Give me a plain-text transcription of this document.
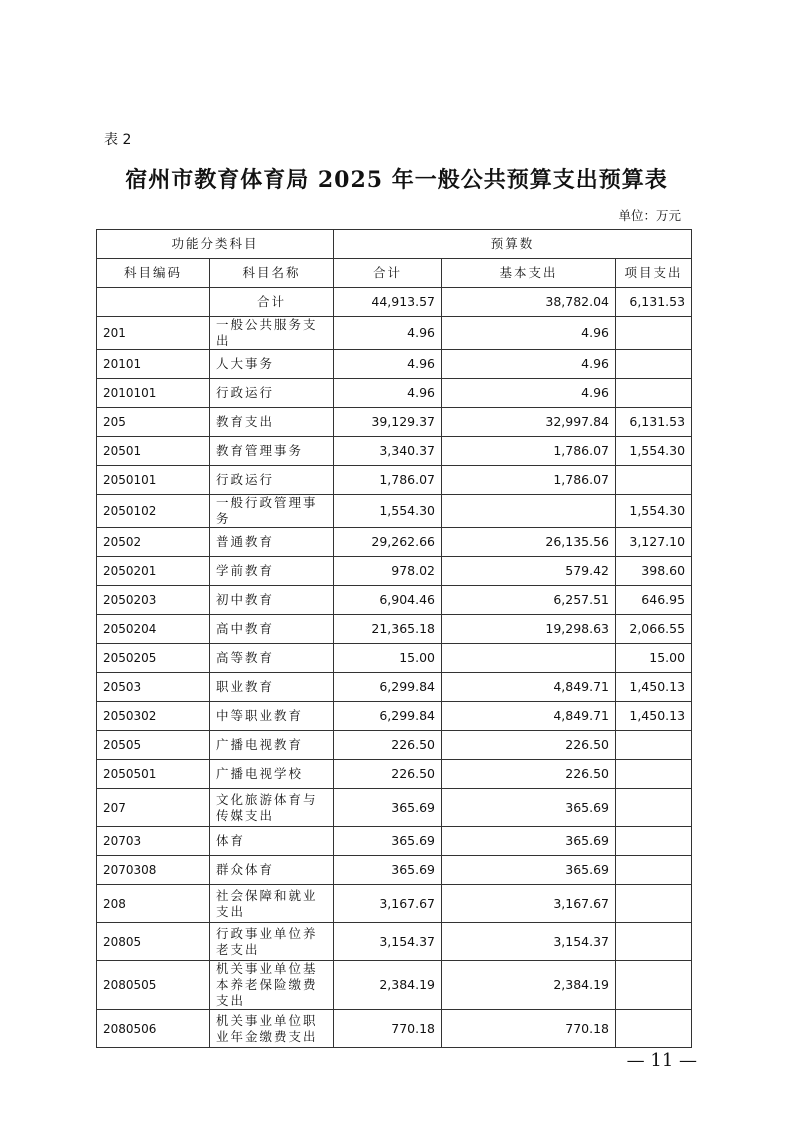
表 2
宿州市教育体育局 2025 年一般公共预算支出预算表
单位：万元
功能分类科目		预算数		
科目编码	科目名称	合计	基本支出	项目支出
	合计	44,913.57	38,782.04	6,131.53
201	一般公共服务支出	4.96	4.96	
20101	人大事务	4.96	4.96	
2010101	行政运行	4.96	4.96	
205	教育支出	39,129.37	32,997.84	6,131.53
20501	教育管理事务	3,340.37	1,786.07	1,554.30
2050101	行政运行	1,786.07	1,786.07	
2050102	一般行政管理事务	1,554.30		1,554.30
20502	普通教育	29,262.66	26,135.56	3,127.10
2050201	学前教育	978.02	579.42	398.60
2050203	初中教育	6,904.46	6,257.51	646.95
2050204	高中教育	21,365.18	19,298.63	2,066.55
2050205	高等教育	15.00		15.00
20503	职业教育	6,299.84	4,849.71	1,450.13
2050302	中等职业教育	6,299.84	4,849.71	1,450.13
20505	广播电视教育	226.50	226.50	
2050501	广播电视学校	226.50	226.50	
207	文化旅游体育与传媒支出	365.69	365.69	
20703	体育	365.69	365.69	
2070308	群众体育	365.69	365.69	
208	社会保障和就业支出	3,167.67	3,167.67	
20805	行政事业单位养老支出	3,154.37	3,154.37	
2080505	机关事业单位基本养老保险缴费支出	2,384.19	2,384.19	
2080506	机关事业单位职业年金缴费支出	770.18	770.18	
— 11 —
